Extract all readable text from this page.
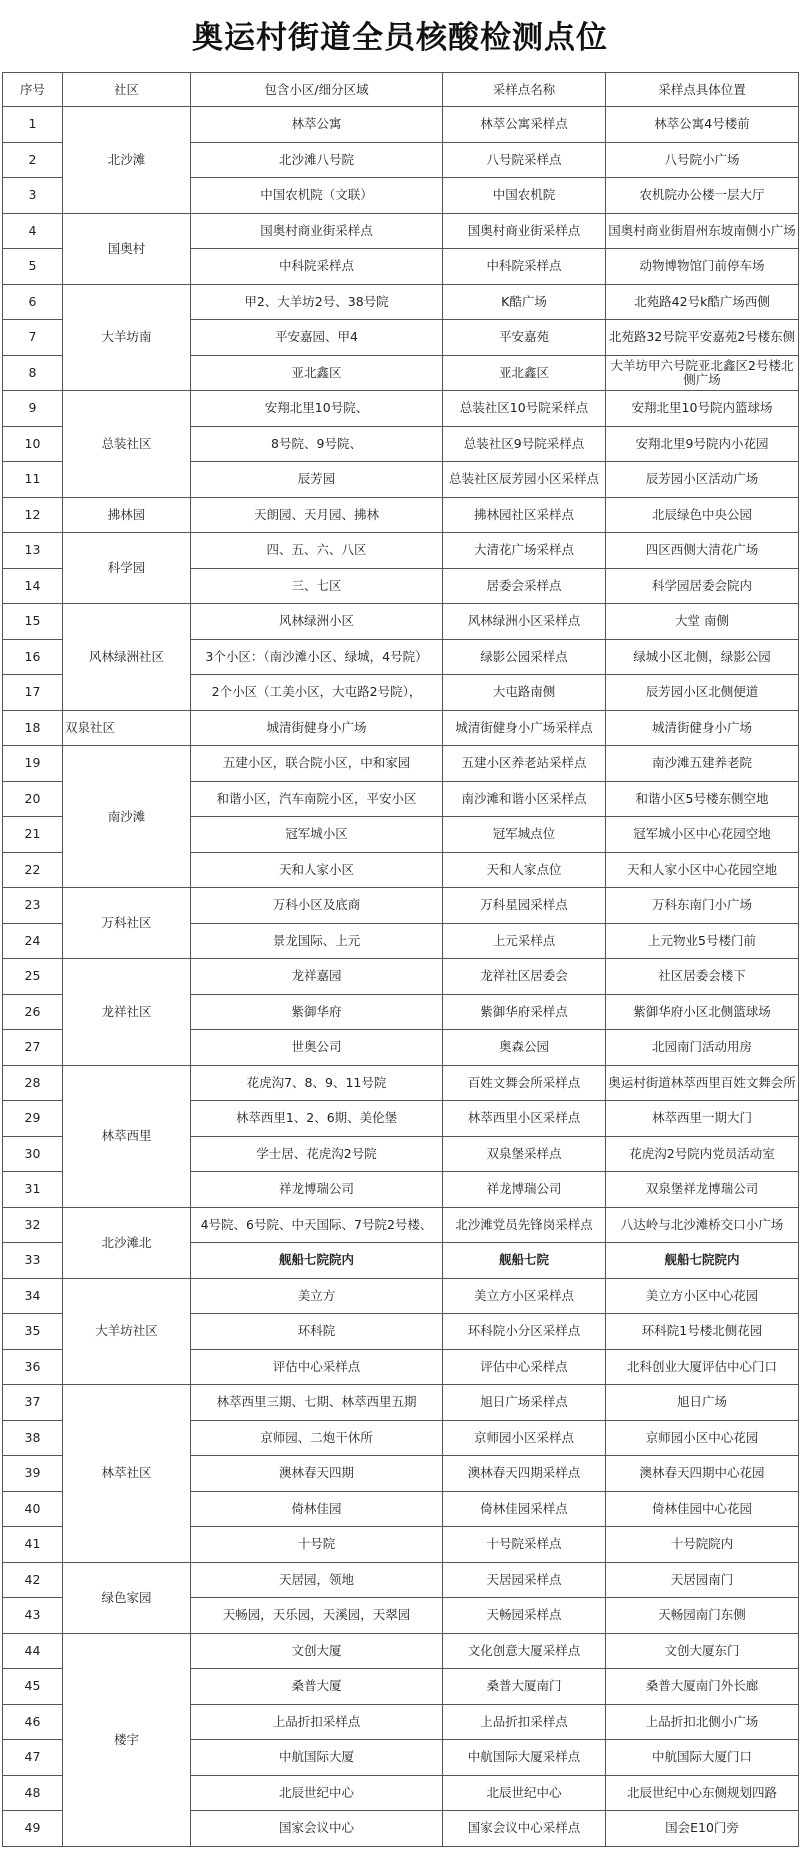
奥运村街道全员核酸检测点位
序号	社区	包含小区/细分区域	采样点名称	采样点具体位置
1	北沙滩	林萃公寓	林萃公寓采样点	林萃公寓4号楼前
2		北沙滩八号院	八号院采样点	八号院小广场
3		中国农机院（文联）	中国农机院	农机院办公楼一层大厅
4	国奥村	国奥村商业街采样点	国奥村商业街采样点	国奥村商业街眉州东坡南侧小广场
5		中科院采样点	中科院采样点	动物博物馆门前停车场
6	大羊坊南	甲2、大羊坊2号、38号院	K酷广场	北苑路42号k酷广场西侧
7		平安嘉园、甲4	平安嘉苑	北苑路32号院平安嘉苑2号楼东侧
8		亚北鑫区	亚北鑫区	大羊坊甲六号院亚北鑫区2号楼北侧广场
9	总装社区	安翔北里10号院、	总装社区10号院采样点	安翔北里10号院内篮球场
10		8号院、9号院、	总装社区9号院采样点	安翔北里9号院内小花园
11		辰芳园	总装社区辰芳园小区采样点	辰芳园小区活动广场
12	拂林园	天朗园、天月园、拂林	拂林园社区采样点	北辰绿色中央公园
13	科学园	四、五、六、八区	大清花广场采样点	四区西侧大清花广场
14		三、七区	居委会采样点	科学园居委会院内
15	风林绿洲社区	风林绿洲小区	风林绿洲小区采样点	大堂 南侧
16		3个小区：（南沙滩小区、绿城，4号院）	绿影公园采样点	绿城小区北侧，绿影公园
17		2个小区（工美小区，大屯路2号院），	大屯路南侧	辰芳园小区北侧便道
18	双泉社区	城清街健身小广场	城清街健身小广场采样点	城清街健身小广场
19	南沙滩	五建小区，联合院小区，中和家园	五建小区养老站采样点	南沙滩五建养老院
20		和谐小区，汽车南院小区，平安小区	南沙滩和谐小区采样点	和谐小区5号楼东侧空地
21		冠军城小区	冠军城点位	冠军城小区中心花园空地
22		天和人家小区	天和人家点位	天和人家小区中心花园空地
23	万科社区	万科小区及底商	万科星园采样点	万科东南门小广场
24		景龙国际、上元	上元采样点	上元物业5号楼门前
25	龙祥社区	龙祥嘉园	龙祥社区居委会	社区居委会楼下
26		紫御华府	紫御华府采样点	紫御华府小区北侧篮球场
27		世奥公司	奥森公园	北园南门活动用房
28	林萃西里	花虎沟7、8、9、11号院	百姓文舞会所采样点	奥运村街道林萃西里百姓文舞会所
29		林萃西里1、2、6期、美伦堡	林萃西里小区采样点	林萃西里一期大门
30		学士居、花虎沟2号院	双泉堡采样点	花虎沟2号院内党员活动室
31		祥龙博瑞公司	祥龙博瑞公司	双泉堡祥龙博瑞公司
32	北沙滩北	4号院、6号院、中天国际、7号院2号楼、	北沙滩党员先锋岗采样点	八达岭与北沙滩桥交口小广场
33		舰船七院院内	舰船七院	舰船七院院内
34	大羊坊社区	美立方	美立方小区采样点	美立方小区中心花园
35		环科院	环科院小分区采样点	环科院1号楼北侧花园
36		评估中心采样点	评估中心采样点	北科创业大厦评估中心门口
37	林萃社区	林萃西里三期、七期、林萃西里五期	旭日广场采样点	旭日广场
38		京师园、二炮干休所	京师园小区采样点	京师园小区中心花园
39		澳林春天四期	澳林春天四期采样点	澳林春天四期中心花园
40		倚林佳园	倚林佳园采样点	倚林佳园中心花园
41		十号院	十号院采样点	十号院院内
42	绿色家园	天居园，领地	天居园采样点	天居园南门
43		天畅园，天乐园，天溪园，天翠园	天畅园采样点	天畅园南门东侧
44	楼宇	文创大厦	文化创意大厦采样点	文创大厦东门
45		桑普大厦	桑普大厦南门	桑普大厦南门外长廊
46		上品折扣采样点	上品折扣采样点	上品折扣北侧小广场
47		中航国际大厦	中航国际大厦采样点	中航国际大厦门口
48		北辰世纪中心	北辰世纪中心	北辰世纪中心东侧规划四路
49		国家会议中心	国家会议中心采样点	国会E10门旁
